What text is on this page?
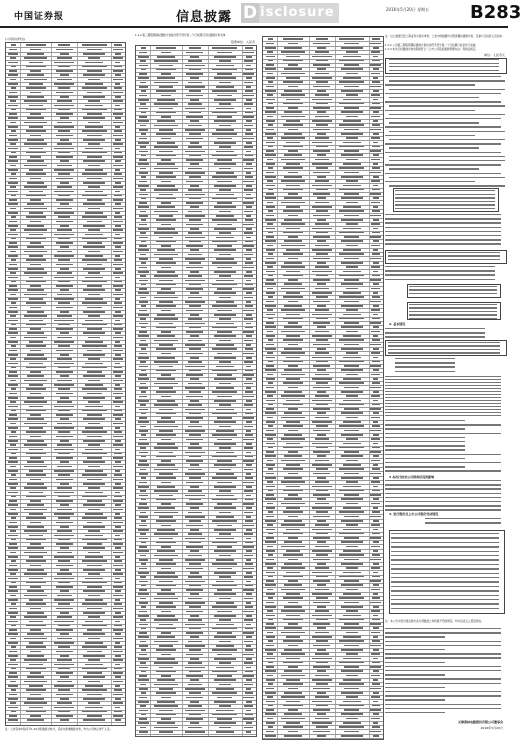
中国证券报	信息披露 D isclosure	2016年5月20日 星期五 B283
(公司标识样式)
注：上述名单中除序号1-44为原激励对象外，其余为新增激励对象，均为公司核心骨干人员。
1.1.2 第三期股票期权激励计划首次授予部分第二个行权期可行权激励对象名单
股票单位：人民币
注：以上数据已经上海证券交易所审核，上表中的数据均为股票期权激励对象，及参与行权的人员名单。
1.1.2 公司第三期股票期权激励计划首次授予部分第二个行权期行权条件已成就。
1.1.3 本次行权激励对象的资格符合《上市公司股权激励管理办法》等相关规定。
单位：人民币元
2. 基本情况
3 本次行权对公司财务状况的影响
4. 发行股份及上市公司股份变动情况
注：本公告中若出现总数与各分项数值之和尾数不符的情况，均为四舍五入原因造成。
天津普林电路股份有限公司董事会
2016年5月20日
